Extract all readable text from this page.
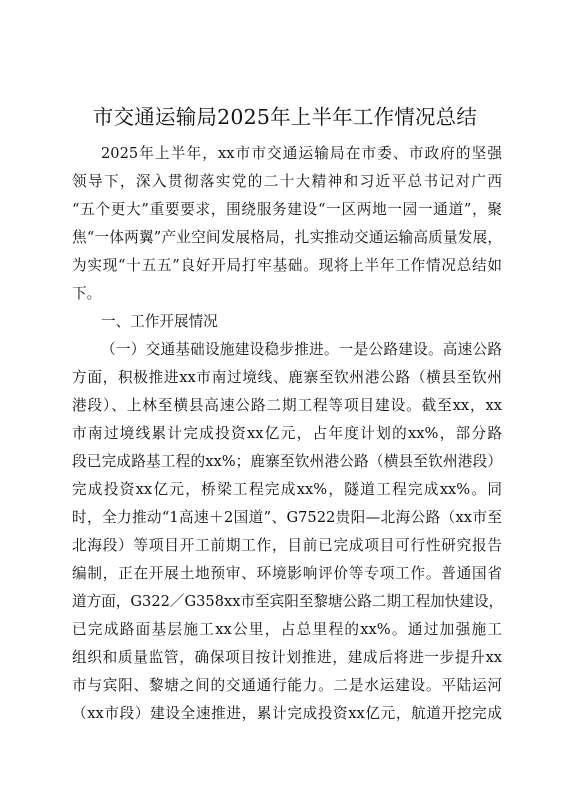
市交通运输局2025年上半年工作情况总结
2025年上半年，xx市市交通运输局在市委、市政府的坚强
领导下，深入贯彻落实党的二十大精神和习近平总书记对广西
“五个更大”重要要求，围绕服务建设“一区两地一园一通道”，聚
焦“一体两翼”产业空间发展格局，扎实推动交通运输高质量发展，
为实现“十五五”良好开局打牢基础。现将上半年工作情况总结如
下。
一、工作开展情况
（一）交通基础设施建设稳步推进。一是公路建设。高速公路
方面，积极推进xx市南过境线、鹿寨至钦州港公路（横县至钦州
港段）、上林至横县高速公路二期工程等项目建设。截至xx，xx
市南过境线累计完成投资xx亿元，占年度计划的xx%，部分路
段已完成路基工程的xx%；鹿寨至钦州港公路（横县至钦州港段）
完成投资xx亿元，桥梁工程完成xx%，隧道工程完成xx%。同
时，全力推动“1高速＋2国道”、G7522贵阳—北海公路（xx市至
北海段）等项目开工前期工作，目前已完成项目可行性研究报告
编制，正在开展土地预审、环境影响评价等专项工作。普通国省
道方面，G322／G358xx市至宾阳至黎塘公路二期工程加快建设，
已完成路面基层施工xx公里，占总里程的xx%。通过加强施工
组织和质量监管，确保项目按计划推进，建成后将进一步提升xx
市与宾阳、黎塘之间的交通通行能力。二是水运建设。平陆运河
（xx市段）建设全速推进，累计完成投资xx亿元，航道开挖完成
